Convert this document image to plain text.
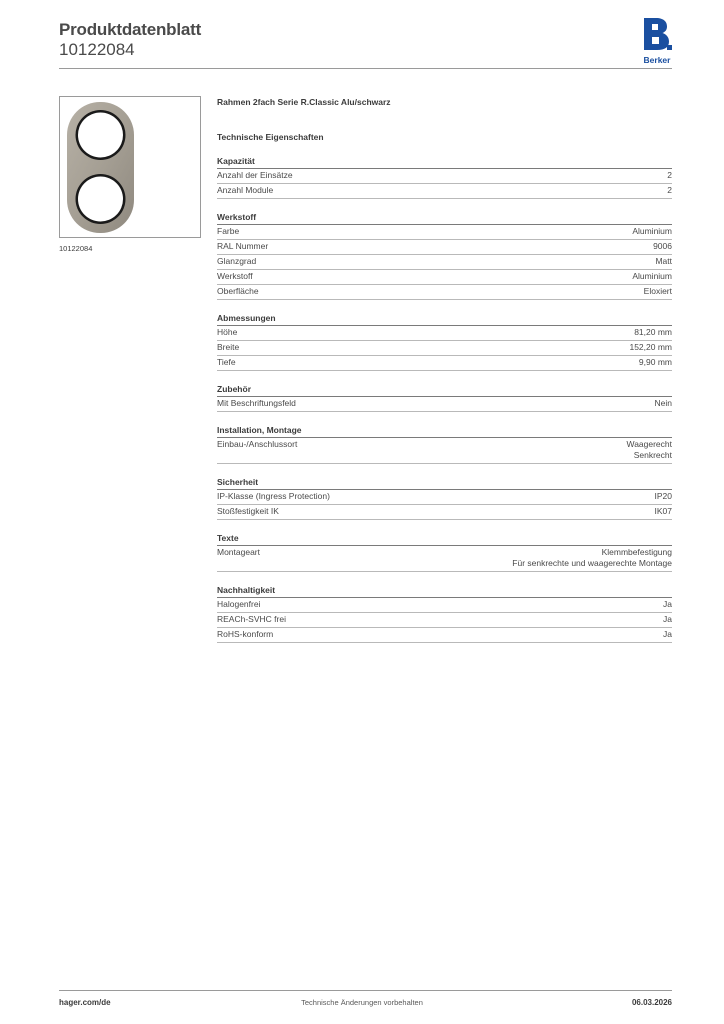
Produktdatenblatt
10122084
Berker
10122084
Rahmen 2fach Serie R.Classic Alu/schwarz
Technische Eigenschaften
Kapazität
Anzahl der Einsätze	2
Anzahl Module	2
Werkstoff
Farbe	Aluminium
RAL Nummer	9006
Glanzgrad	Matt
Werkstoff	Aluminium
Oberfläche	Eloxiert
Abmessungen
Höhe	81,20 mm
Breite	152,20 mm
Tiefe	9,90 mm
Zubehör
Mit Beschriftungsfeld	Nein
Installation, Montage
Einbau-/Anschlussort	Waagerecht
Senkrecht
Sicherheit
IP-Klasse (Ingress Protection)	IP20
Stoßfestigkeit IK	IK07
Texte
Montageart	Klemmbefestigung
Für senkrechte und waagerechte Montage
Nachhaltigkeit
Halogenfrei	Ja
REACh-SVHC frei	Ja
RoHS-konform	Ja
hager.com/de	Technische Änderungen vorbehalten	06.03.2026
